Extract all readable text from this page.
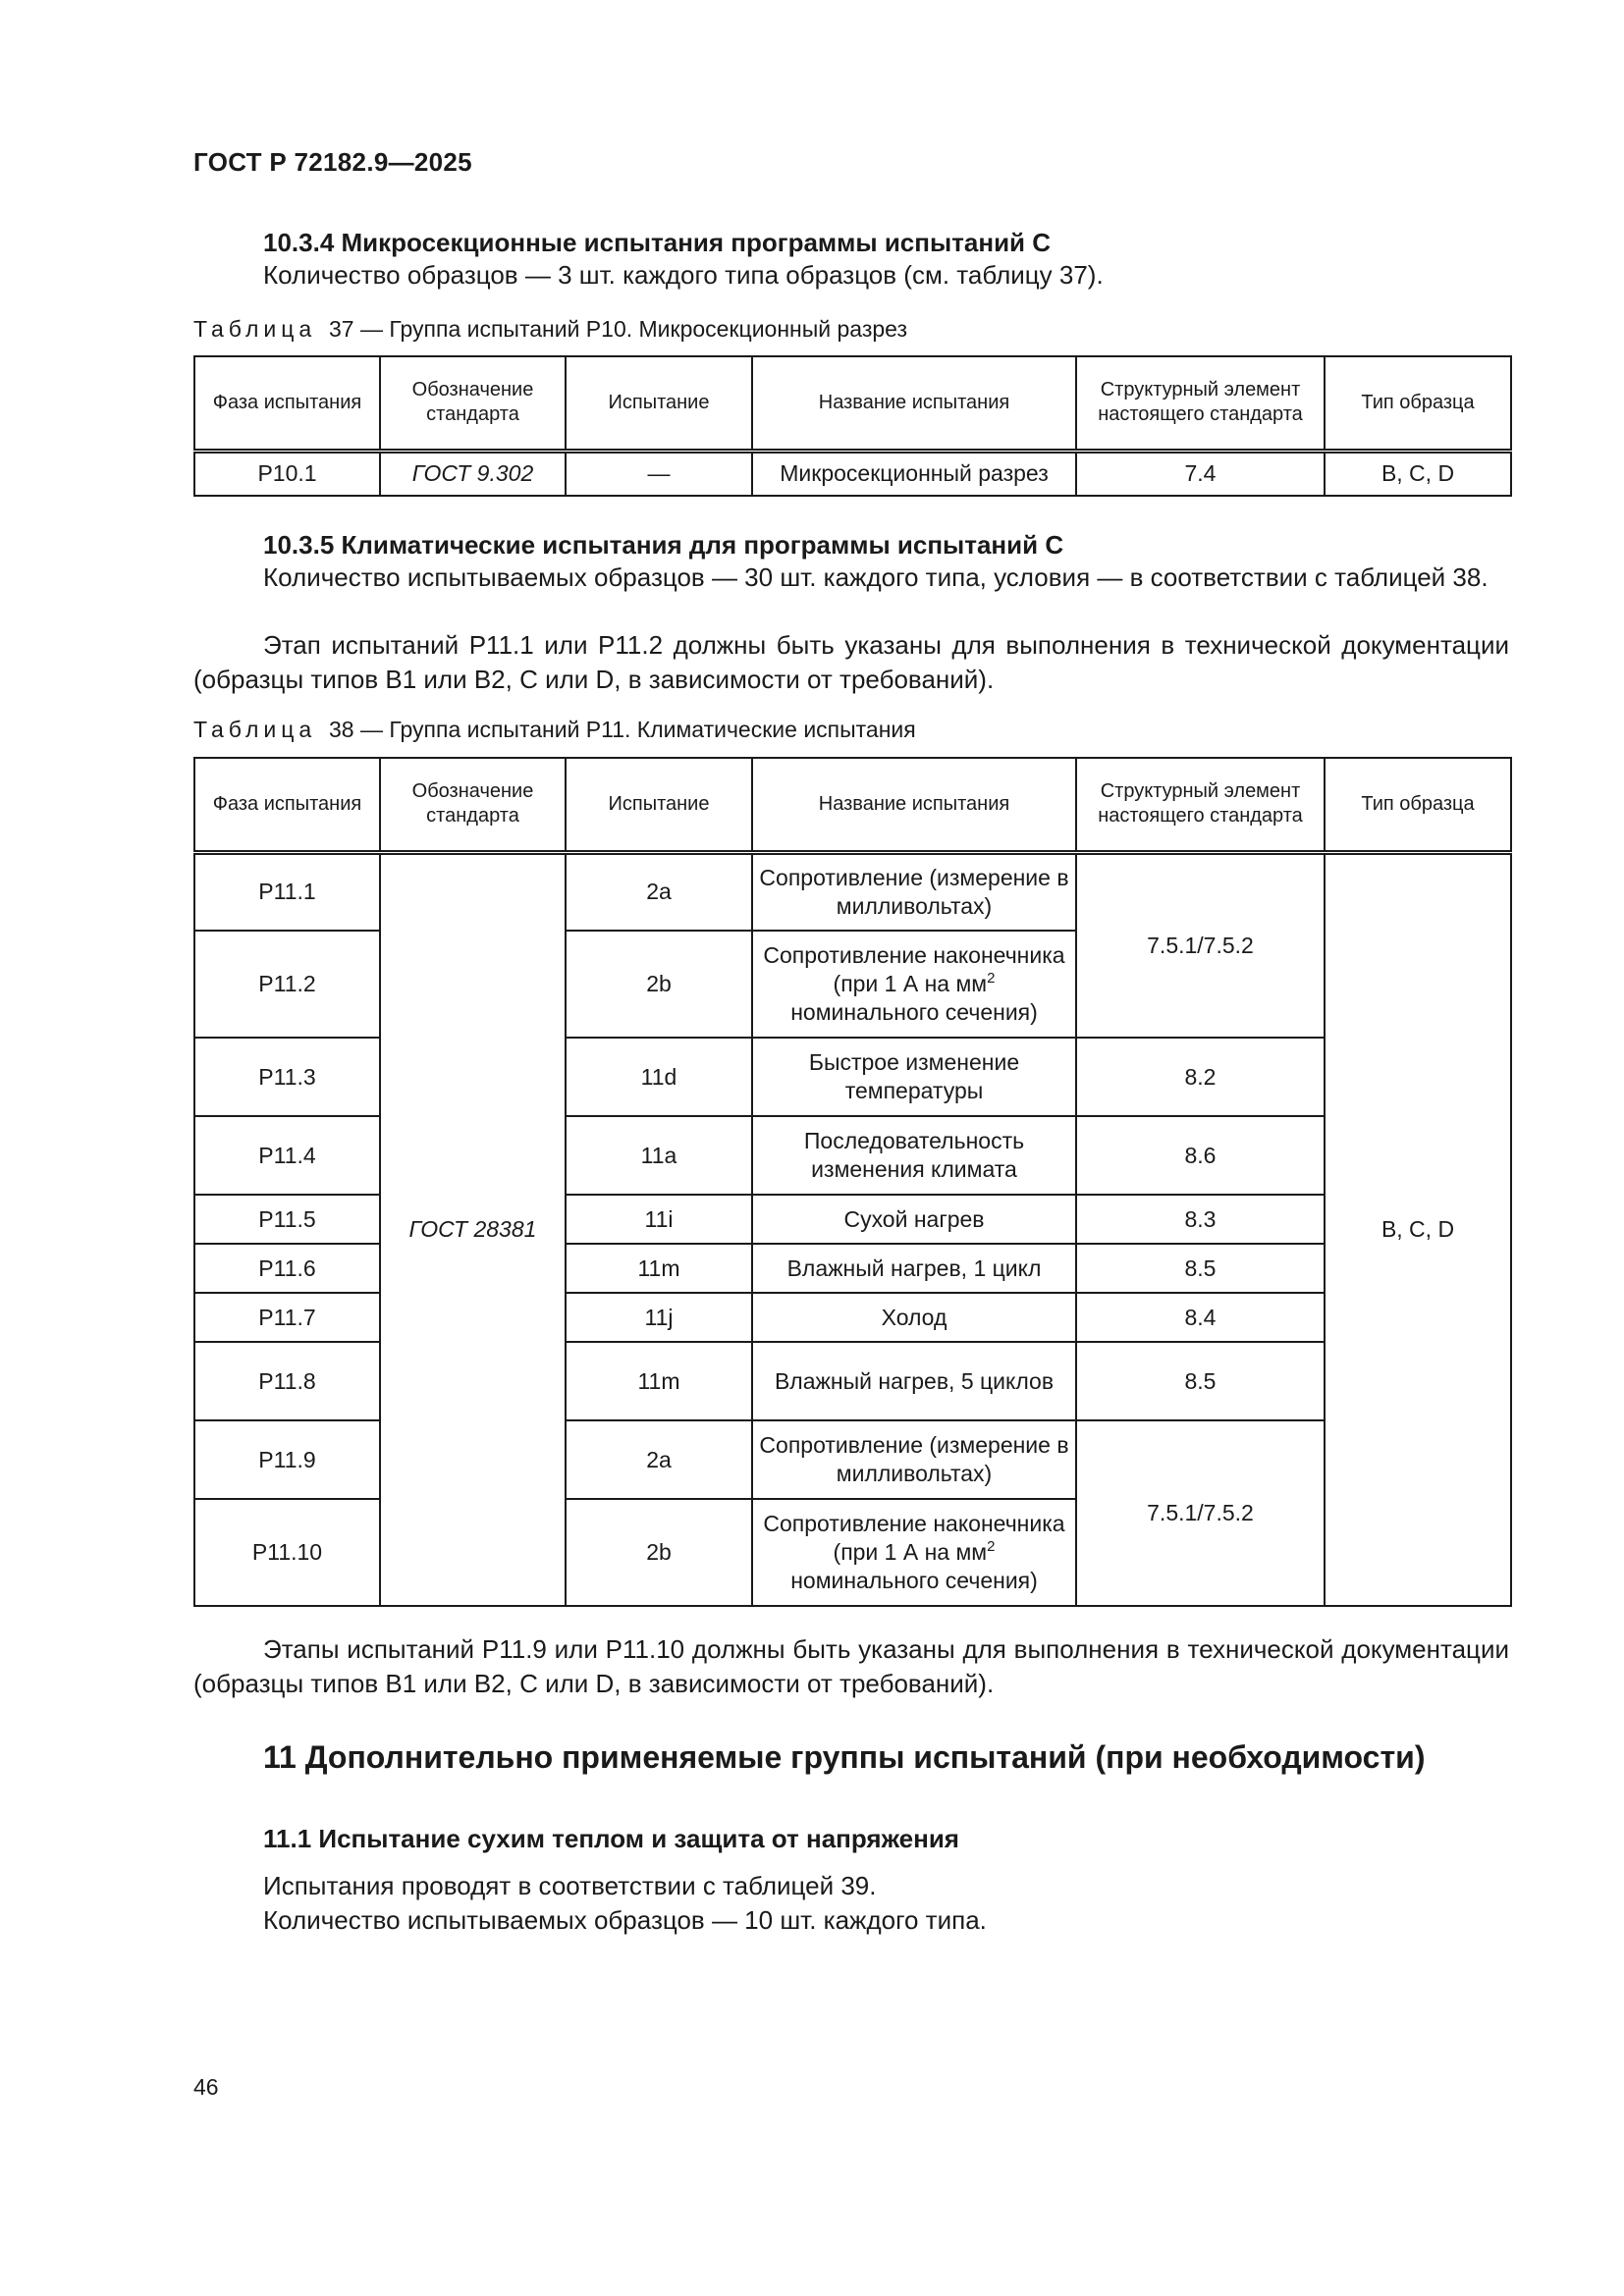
ГОСТ Р 72182.9—2025
10.3.4 Микросекционные испытания программы испытаний С
Количество образцов — 3 шт. каждого типа образцов (см. таблицу 37).
Таблица 37 — Группа испытаний Р10. Микросекционный разрез
Фаза испытания	Обозначение стандарта	Испытание	Название испытания	Структурный элемент настоящего стандарта	Тип образца
Р10.1	ГОСТ 9.302	—	Микросекционный разрез	7.4	B, C, D
10.3.5 Климатические испытания для программы испытаний С
Количество испытываемых образцов — 30 шт. каждого типа, условия — в соответствии с таблицей 38.
Этап испытаний Р11.1 или Р11.2 должны быть указаны для выполнения в технической документации (образцы типов В1 или В2, С или D, в зависимости от требований).
Таблица 38 — Группа испытаний Р11. Климатические испытания
Фаза испытания	Обозначение стандарта	Испытание	Название испытания	Структурный элемент настоящего стандарта	Тип образца
Р11.1	ГОСТ 28381	2a	Сопротивление (измерение в милливольтах)	7.5.1/7.5.2	B, C, D
Р11.2		2b	Сопротивление наконечника (при 1 А на $мм^2$ номинального сечения)		
Р11.3		11d	Быстрое изменение температуры	8.2	
Р11.4		11a	Последовательность изменения климата	8.6	
Р11.5		11i	Сухой нагрев	8.3	
Р11.6		11m	Влажный нагрев, 1 цикл	8.5	
Р11.7		11j	Холод	8.4	
Р11.8		11m	Влажный нагрев, 5 циклов	8.5	
Р11.9		2a	Сопротивление (измерение в милливольтах)	7.5.1/7.5.2	
Р11.10		2b	Сопротивление наконечника (при 1 А на $мм^2$ номинального сечения)		
Этапы испытаний Р11.9 или Р11.10 должны быть указаны для выполнения в технической документации (образцы типов В1 или В2, С или D, в зависимости от требований).
11 Дополнительно применяемые группы испытаний (при необходимости)
11.1 Испытание сухим теплом и защита от напряжения
Испытания проводят в соответствии с таблицей 39.
Количество испытываемых образцов — 10 шт. каждого типа.
46
